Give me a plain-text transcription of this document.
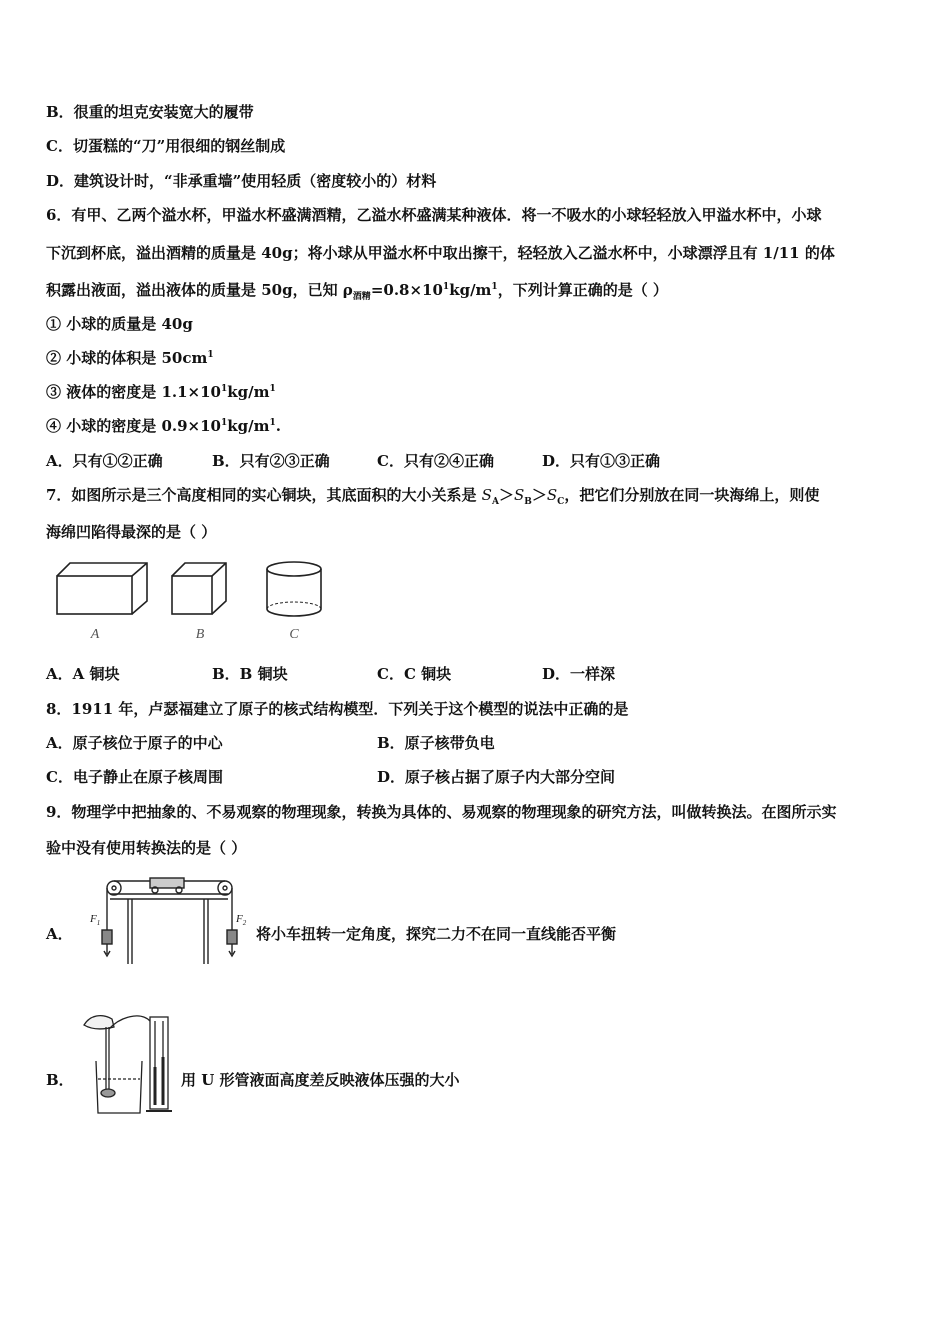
B．很重的坦克安装宽大的履带
C．切蛋糕的“刀”用很细的钢丝制成
D．建筑设计时，“非承重墙”使用轻质（密度较小的）材料
6．有甲、乙两个溢水杯，甲溢水杯盛满酒精，乙溢水杯盛满某种液体．将一不吸水的小球轻轻放入甲溢水杯中，小球
下沉到杯底，溢出酒精的质量是 40g；将小球从甲溢水杯中取出擦干，轻轻放入乙溢水杯中，小球漂浮且有 1/11 的体
积露出液面，溢出液体的质量是 50g，已知 $\rho_{酒精}=0.8\times 10^1kg/m^1$，下列计算正确的是（ ）
① 小球的质量是 40g
② 小球的体积是 $50cm^1$
③ 液体的密度是 $1.1\times 10^1kg/m^1$
④ 小球的密度是 $0.9\times 10^1kg/m^1$.
A．只有①②正确	B．只有②③正确	C．只有②④正确	D．只有①③正确
7．如图所示是三个高度相同的实心铜块，其底面积的大小关系是 $S_A>S_B>S_C$，把它们分别放在同一块海绵上，则使
海绵凹陷得最深的是（ ）
A	B	C
A．A 铜块	B．B 铜块	C．C 铜块	D．一样深
8．1911 年，卢瑟福建立了原子的核式结构模型．下列关于这个模型的说法中正确的是
A．原子核位于原子的中心	B．原子核带负电
C．电子静止在原子核周围	D．原子核占据了原子内大部分空间
9．物理学中把抽象的、不易观察的物理现象，转换为具体的、易观察的物理现象的研究方法，叫做转换法。在图所示实
验中没有使用转换法的是（ ）
A．
$F_1$	$F_2$
将小车扭转一定角度，探究二力不在同一直线能否平衡
B．	用 U 形管液面高度差反映液体压强的大小
